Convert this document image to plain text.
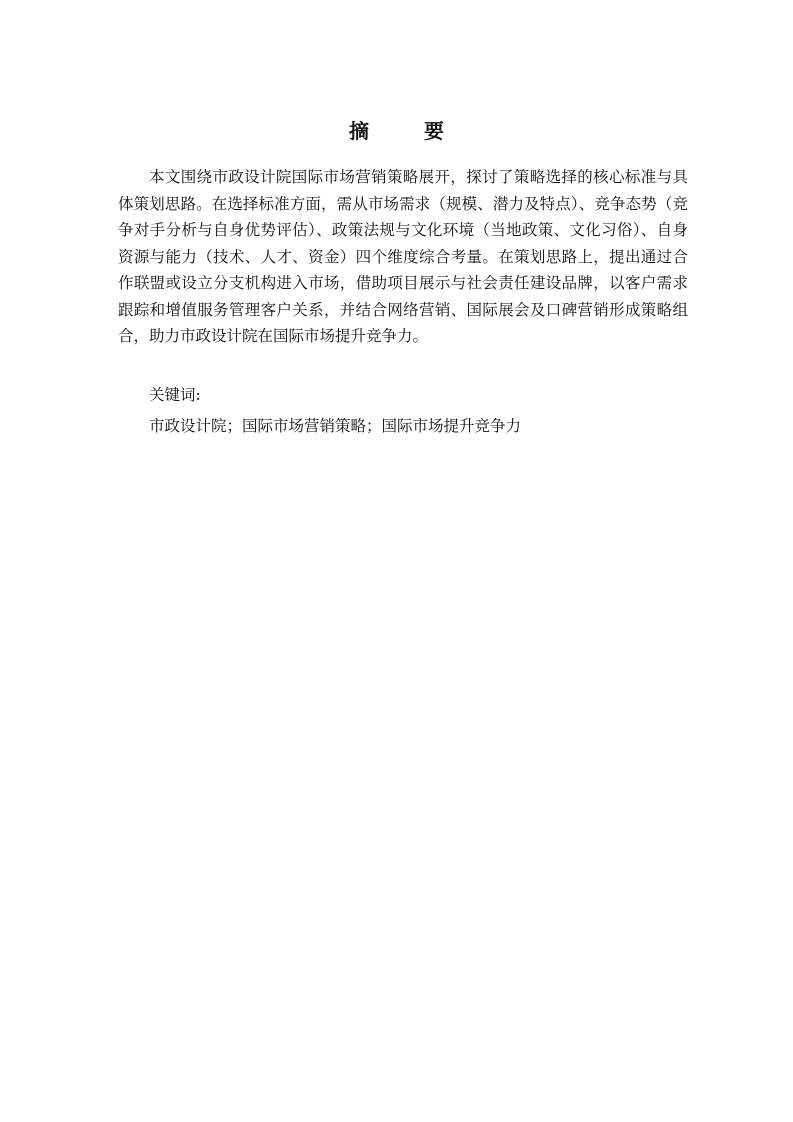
摘 要

本文围绕市政设计院国际市场营销策略展开，探讨了策略选择的核心标准与具体策划思路。在选择标准方面，需从市场需求（规模、潜力及特点）、竞争态势（竞争对手分析与自身优势评估）、政策法规与文化环境（当地政策、文化习俗）、自身资源与能力（技术、人才、资金）四个维度综合考量。在策划思路上，提出通过合作联盟或设立分支机构进入市场，借助项目展示与社会责任建设品牌，以客户需求跟踪和增值服务管理客户关系，并结合网络营销、国际展会及口碑营销形成策略组合，助力市政设计院在国际市场提升竞争力。

关键词:

市政设计院；国际市场营销策略；国际市场提升竞争力
